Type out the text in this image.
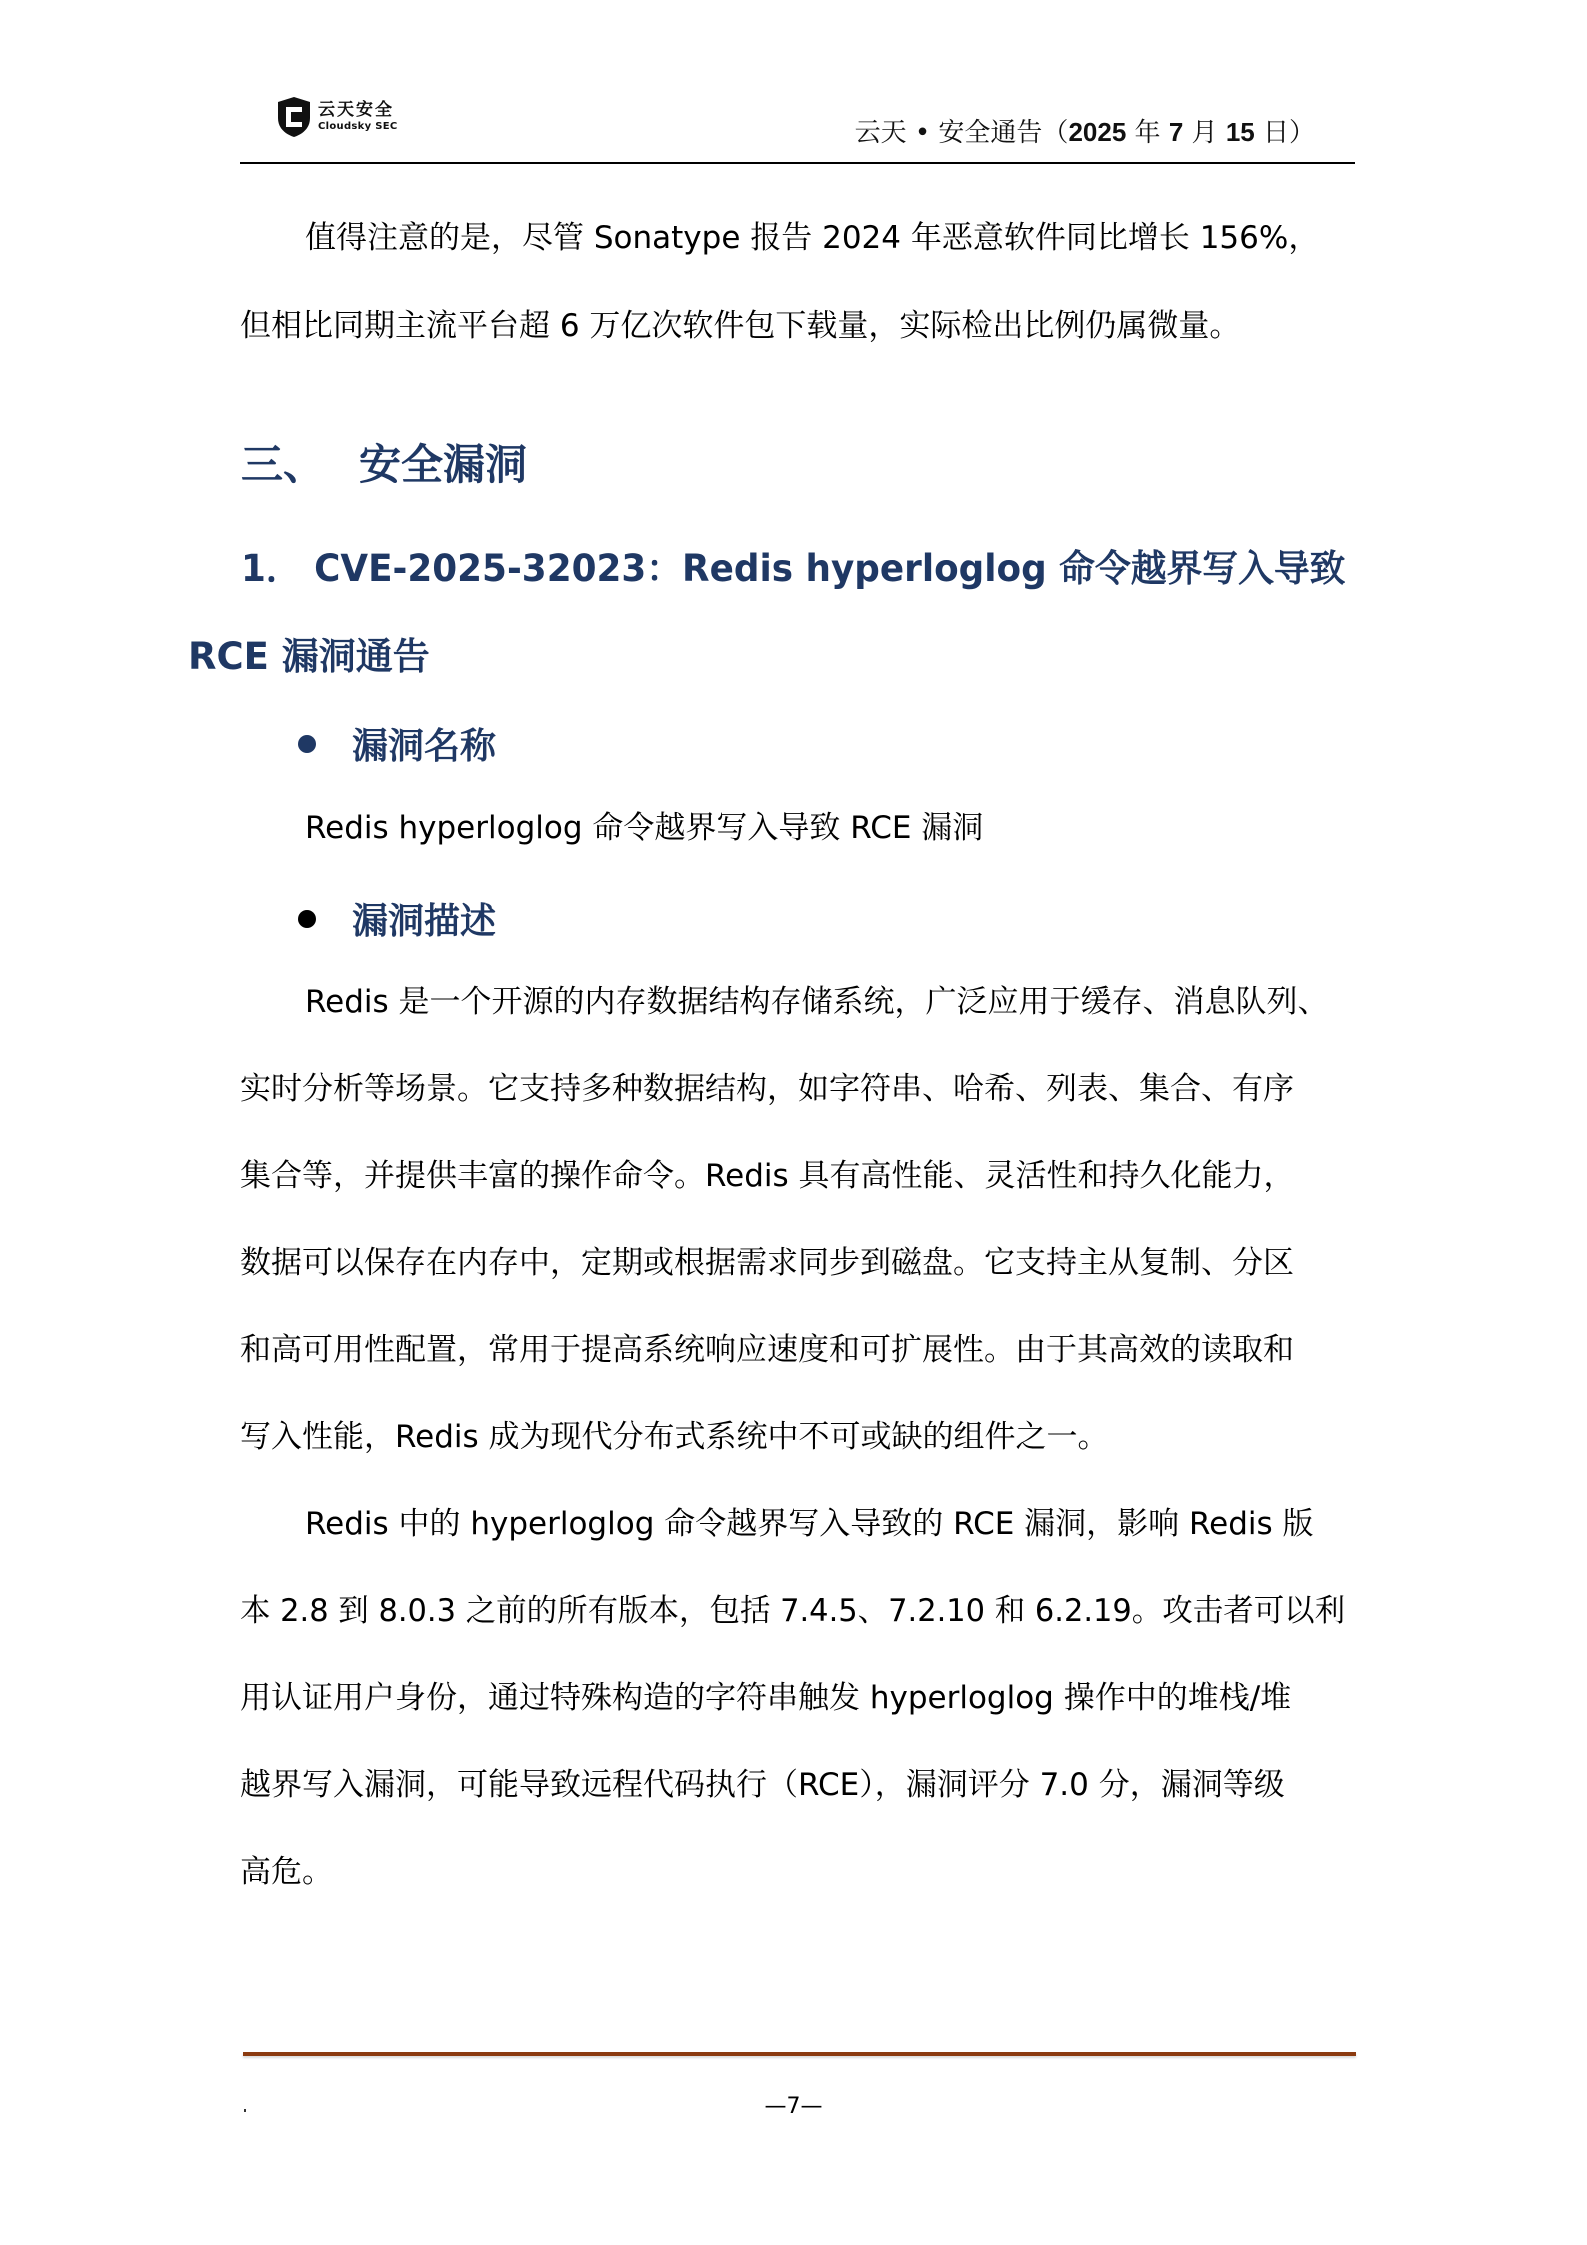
云天安全
Cloudsky SEC	云天 • 安全通告（2025 年 7 月 15 日）
值得注意的是，尽管 Sonatype 报告 2024 年恶意软件同比增长 156%，
但相比同期主流平台超 6 万亿次软件包下载量，实际检出比例仍属微量。
三、 安全漏洞
1． CVE-2025-32023：Redis hyperloglog 命令越界写入导致
RCE 漏洞通告
漏洞名称
Redis hyperloglog 命令越界写入导致 RCE 漏洞
漏洞描述
Redis 是一个开源的内存数据结构存储系统，广泛应用于缓存、消息队列、
实时分析等场景。它支持多种数据结构，如字符串、哈希、列表、集合、有序
集合等，并提供丰富的操作命令。Redis 具有高性能、灵活性和持久化能力，
数据可以保存在内存中，定期或根据需求同步到磁盘。它支持主从复制、分区
和高可用性配置，常用于提高系统响应速度和可扩展性。由于其高效的读取和
写入性能，Redis 成为现代分布式系统中不可或缺的组件之一。
Redis 中的 hyperloglog 命令越界写入导致的 RCE 漏洞，影响 Redis 版
本 2.8 到 8.0.3 之前的所有版本，包括 7.4.5、7.2.10 和 6.2.19。攻击者可以利
用认证用户身份，通过特殊构造的字符串触发 hyperloglog 操作中的堆栈/堆
越界写入漏洞，可能导致远程代码执行（RCE），漏洞评分 7.0 分，漏洞等级
高危。
—7—
